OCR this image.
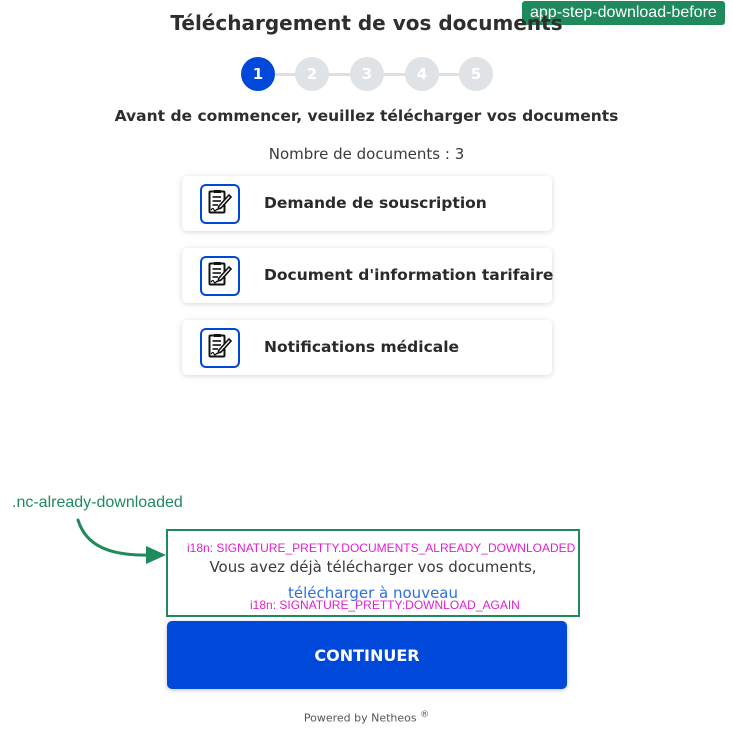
app-step-download-before
Téléchargement de vos documents
1	2	3	4	5
Avant de commencer, veuillez télécharger vos documents
Nombre de documents : 3
Demande de souscription
Document d'information tarifaire
Notifications médicale
.nc-already-downloaded
i18n: SIGNATURE_PRETTY.DOCUMENTS_ALREADY_DOWNLOADED
Vous avez déjà télécharger vos documents,
télécharger à nouveau
i18n: SIGNATURE_PRETTY:DOWNLOAD_AGAIN
CONTINUER
Powered by Netheos ®
